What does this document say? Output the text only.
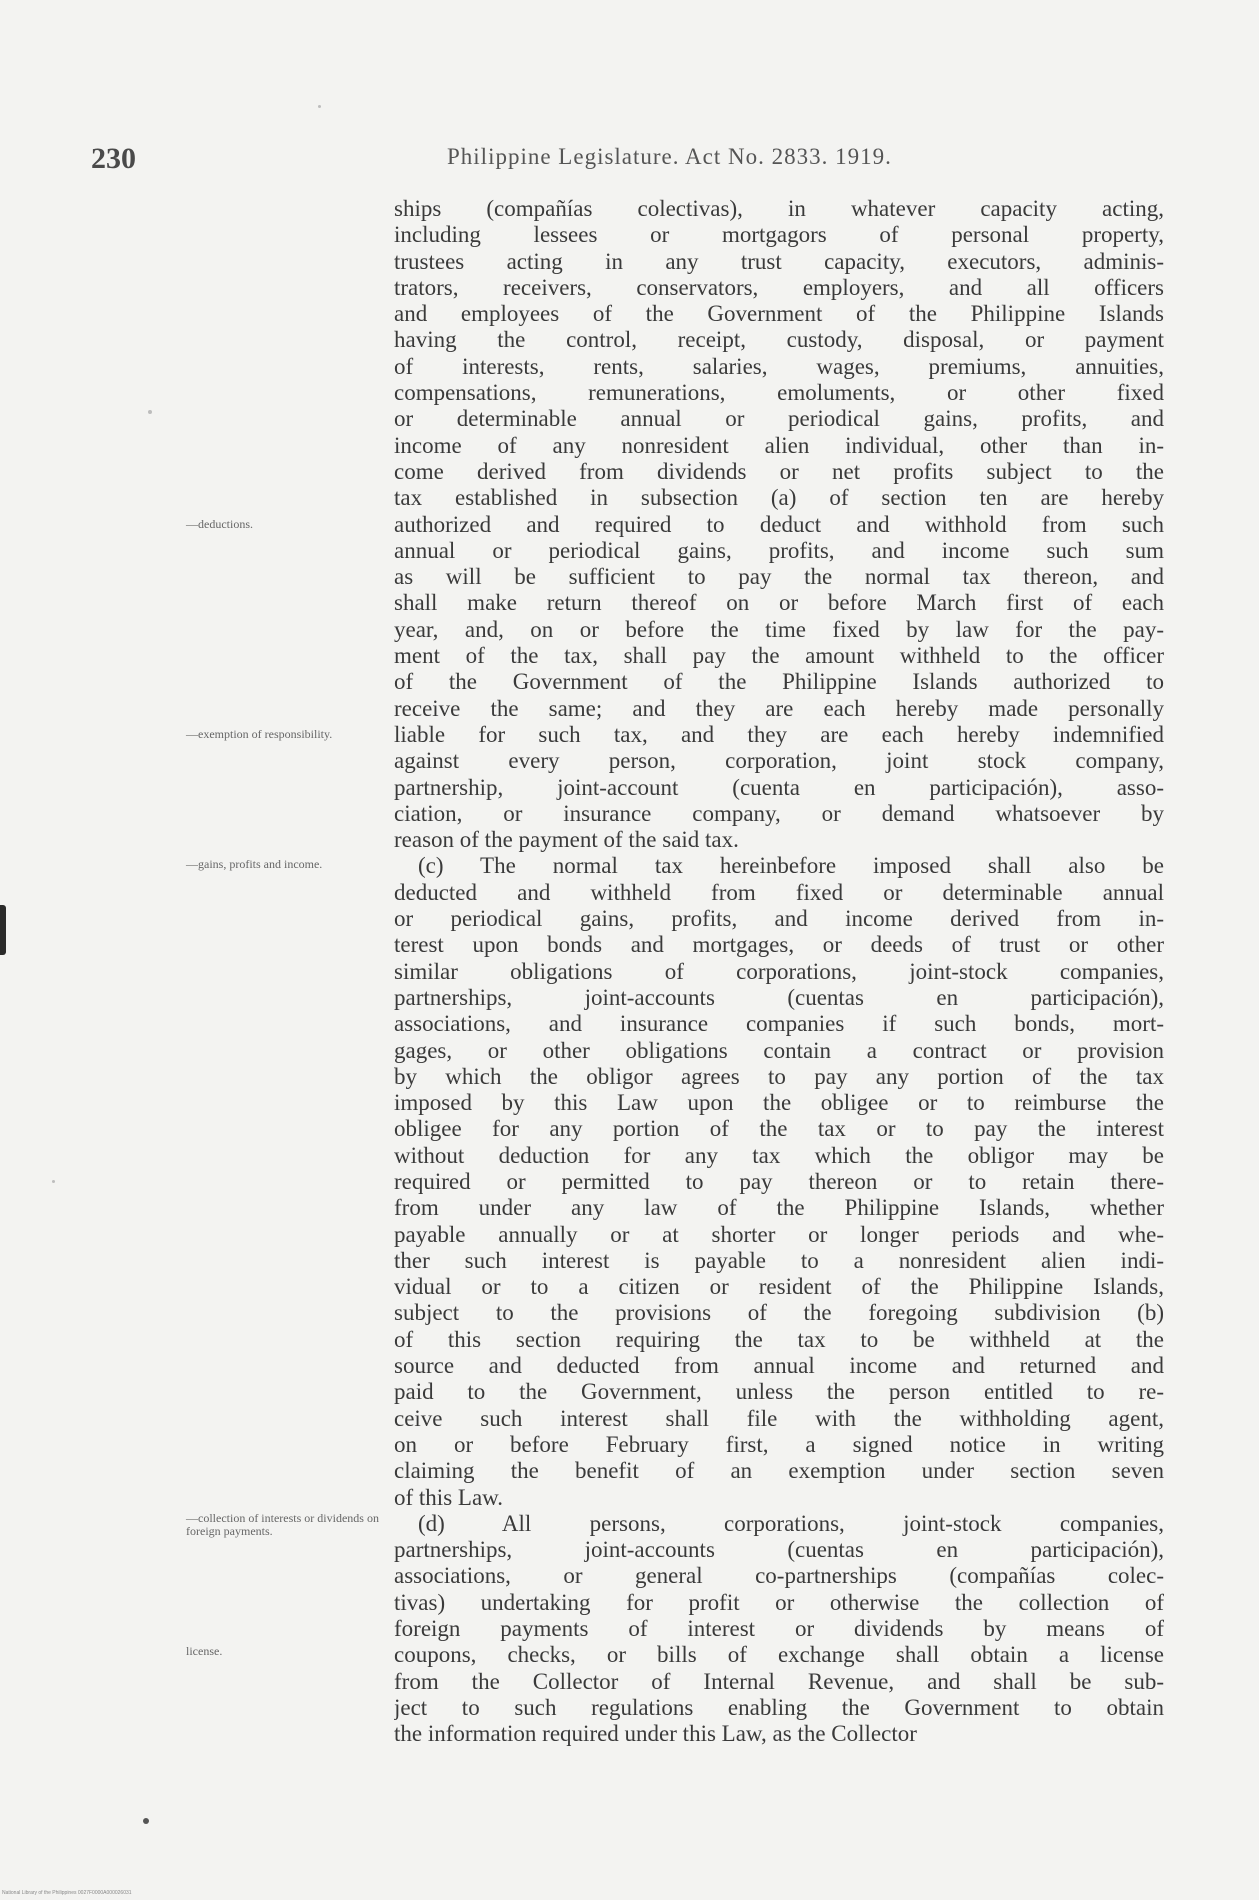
230	Philippine Legislature. Act No. 2833. 1919.
—deductions.
—exemption of responsibility.
—gains, profits and income.
—collection of interests or dividends on foreign payments.
license.
ships (compañías colectivas), in whatever capacity acting,
including lessees or mortgagors of personal property,
trustees acting in any trust capacity, executors, adminis-
trators, receivers, conservators, employers, and all officers
and employees of the Government of the Philippine Islands
having the control, receipt, custody, disposal, or payment
of interests, rents, salaries, wages, premiums, annuities,
compensations, remunerations, emoluments, or other fixed
or determinable annual or periodical gains, profits, and
income of any nonresident alien individual, other than in-
come derived from dividends or net profits subject to the
tax established in subsection (a) of section ten are hereby
authorized and required to deduct and withhold from such
annual or periodical gains, profits, and income such sum
as will be sufficient to pay the normal tax thereon, and
shall make return thereof on or before March first of each
year, and, on or before the time fixed by law for the pay-
ment of the tax, shall pay the amount withheld to the officer
of the Government of the Philippine Islands authorized to
receive the same; and they are each hereby made personally
liable for such tax, and they are each hereby indemnified
against every person, corporation, joint stock company,
partnership, joint-account (cuenta en participación), asso-
ciation, or insurance company, or demand whatsoever by
reason of the payment of the said tax.
(c) The normal tax hereinbefore imposed shall also be
deducted and withheld from fixed or determinable annual
or periodical gains, profits, and income derived from in-
terest upon bonds and mortgages, or deeds of trust or other
similar obligations of corporations, joint-stock companies,
partnerships, joint-accounts (cuentas en participación),
associations, and insurance companies if such bonds, mort-
gages, or other obligations contain a contract or provision
by which the obligor agrees to pay any portion of the tax
imposed by this Law upon the obligee or to reimburse the
obligee for any portion of the tax or to pay the interest
without deduction for any tax which the obligor may be
required or permitted to pay thereon or to retain there-
from under any law of the Philippine Islands, whether
payable annually or at shorter or longer periods and whe-
ther such interest is payable to a nonresident alien indi-
vidual or to a citizen or resident of the Philippine Islands,
subject to the provisions of the foregoing subdivision (b)
of this section requiring the tax to be withheld at the
source and deducted from annual income and returned and
paid to the Government, unless the person entitled to re-
ceive such interest shall file with the withholding agent,
on or before February first, a signed notice in writing
claiming the benefit of an exemption under section seven
of this Law.
(d) All persons, corporations, joint-stock companies,
partnerships, joint-accounts (cuentas en participación),
associations, or general co-partnerships (compañías colec-
tivas) undertaking for profit or otherwise the collection of
foreign payments of interest or dividends by means of
coupons, checks, or bills of exchange shall obtain a license
from the Collector of Internal Revenue, and shall be sub-
ject to such regulations enabling the Government to obtain
the information required under this Law, as the Collector
National Library of the Philippines 0027F0000A000026031
